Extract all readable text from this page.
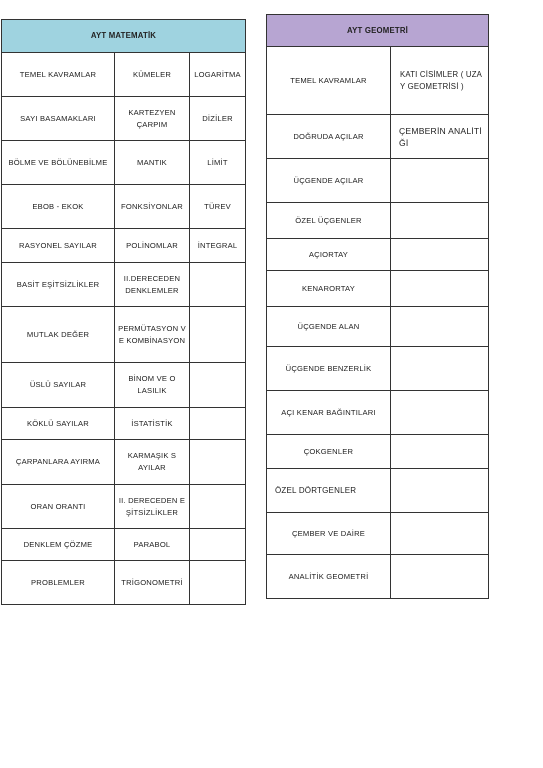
AYT MATEMATİK		
TEMEL KAVRAMLAR	KÜMELER	LOGARİTMA
SAYI BASAMAKLARI	KARTEZYEN ÇARPIM	DİZİLER
BÖLME VE BÖLÜNEBİLME	MANTIK	LİMİT
EBOB - EKOK	FONKSİYONLAR	TÜREV
RASYONEL SAYILAR	POLİNOMLAR	İNTEGRAL
BASİT EŞİTSİZLİKLER	II.DERECEDEN DENKLEMLER	
MUTLAK DEĞER	PERMÜTASYON VE KOMBİNASYON	
ÜSLÜ SAYILAR	BİNOM VE OLASILIK	
KÖKLÜ SAYILAR	İSTATİSTİK	
ÇARPANLARA AYIRMA	KARMAŞIK SAYILAR	
ORAN ORANTI	II. DERECEDEN EŞİTSİZLİKLER	
DENKLEM ÇÖZME	PARABOL	
PROBLEMLER	TRİGONOMETRİ	
AYT GEOMETRİ	
TEMEL KAVRAMLAR	KATI CİSİMLER ( UZAY GEOMETRİSİ )
DOĞRUDA AÇILAR	ÇEMBERİN ANALİTİĞİ
ÜÇGENDE AÇILAR	
ÖZEL ÜÇGENLER	
AÇIORTAY	
KENARORTAY	
ÜÇGENDE ALAN	
ÜÇGENDE BENZERLİK	
AÇI KENAR BAĞINTILARI	
ÇOKGENLER	
ÖZEL DÖRTGENLER	
ÇEMBER VE DAİRE	
ANALİTİK GEOMETRİ	
